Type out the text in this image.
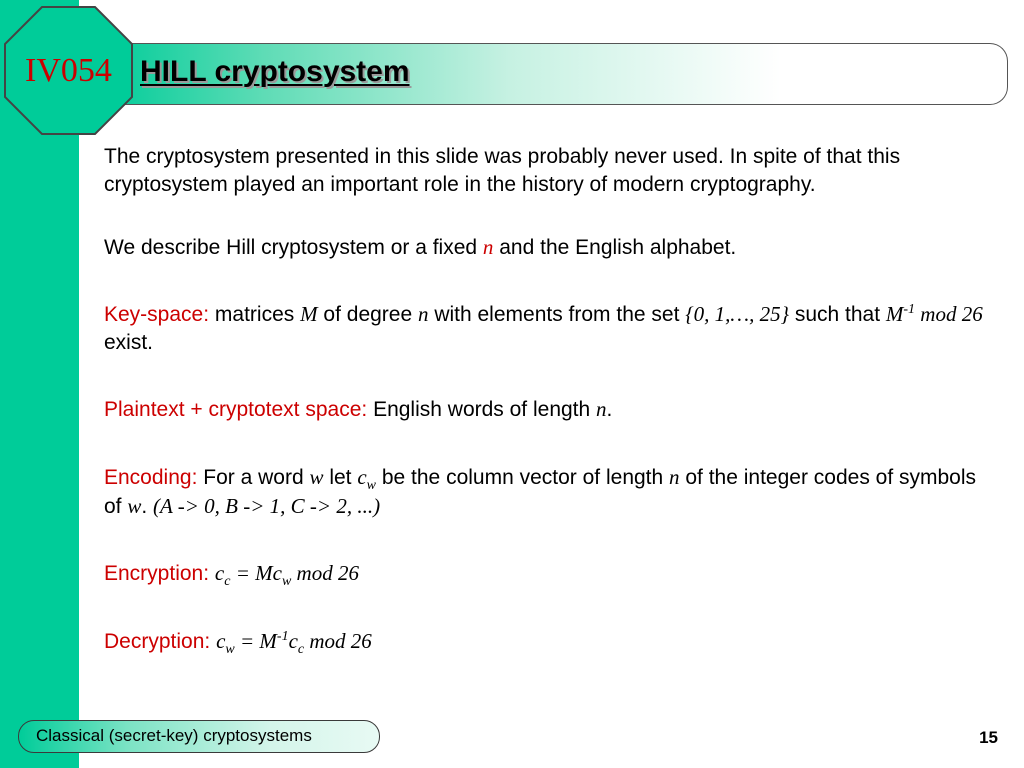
IV054 HILL cryptosystem

The cryptosystem presented in this slide was probably never used. In spite of that this cryptosystem played an important role in the history of modern cryptography.

We describe Hill cryptosystem or a fixed n and the English alphabet.

Key-space: matrices M of degree n with elements from the set {0, 1,…, 25} such that $M^{-1}$ mod 26 exist.

Plaintext + cryptotext space: English words of length n.

Encoding: For a word w let $c_w$ be the column vector of length n of the integer codes of symbols of w. (A -> 0, B -> 1, C -> 2, ...)

Encryption: $c_c = Mc_w$ mod 26

Decryption: $c_w = M^{-1}c_c$ mod 26

Classical (secret-key) cryptosystems	15
